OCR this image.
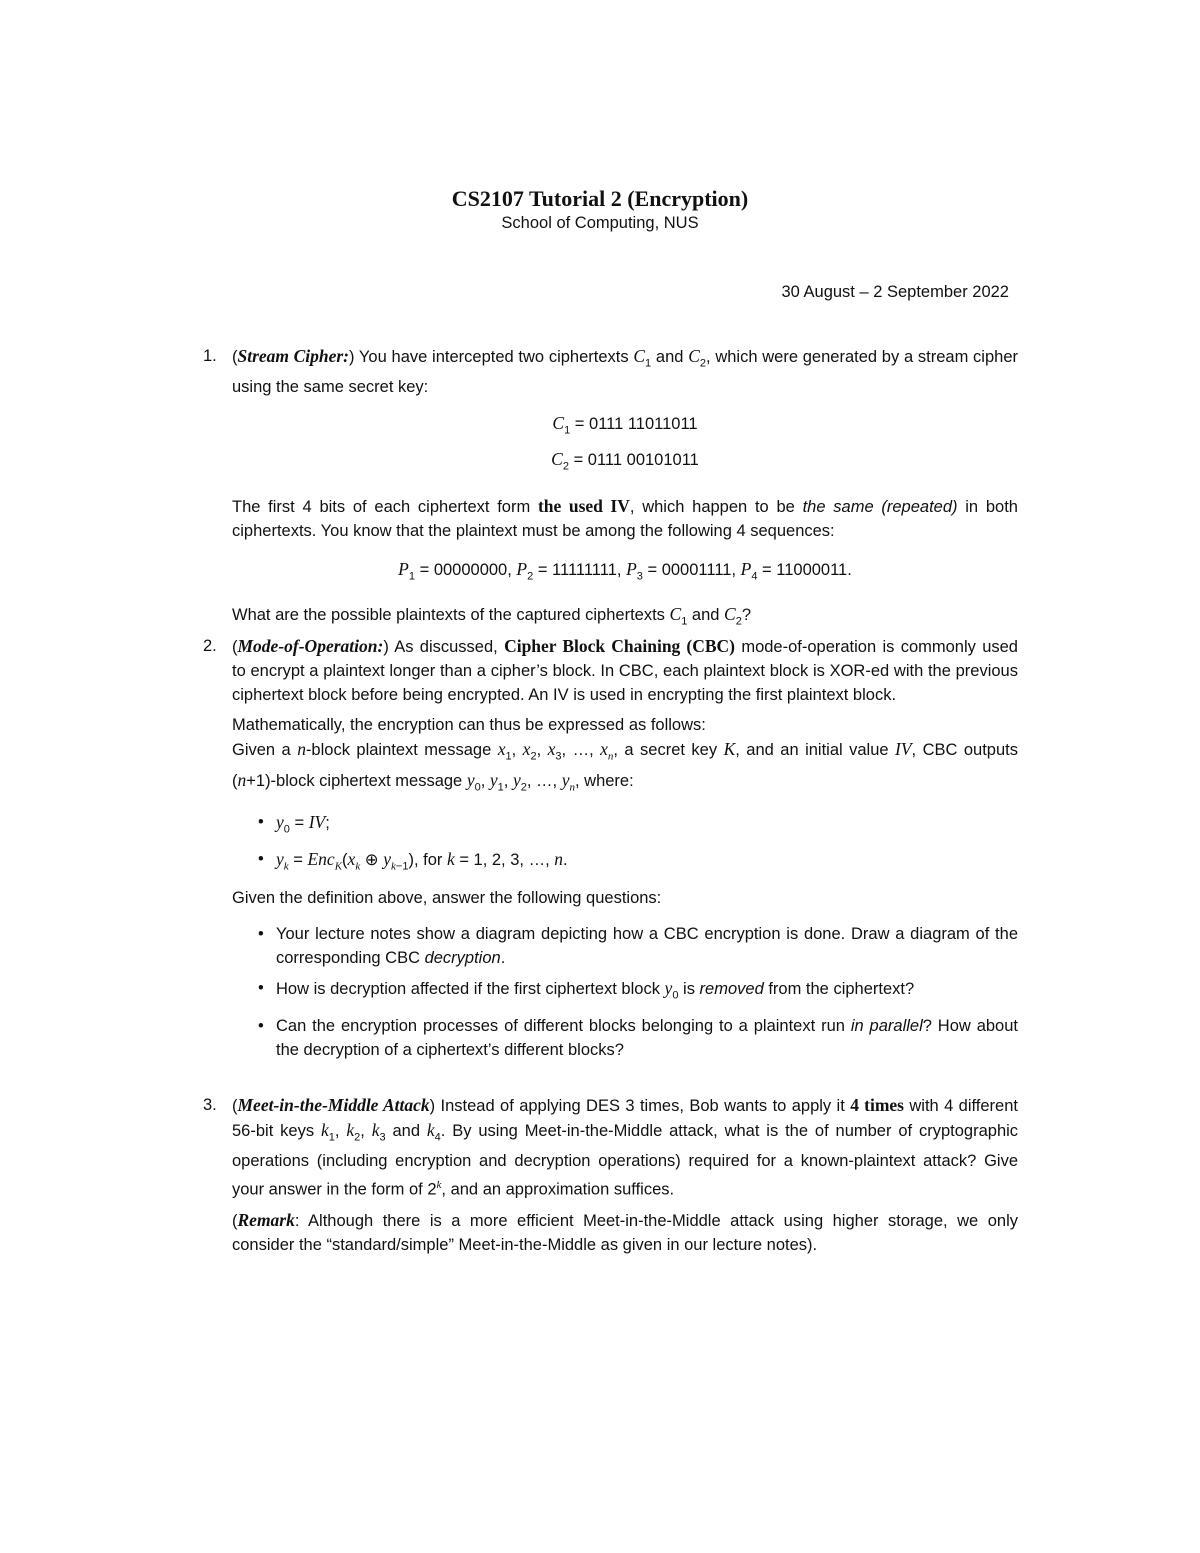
CS2107 Tutorial 2 (Encryption)
School of Computing, NUS
30 August – 2 September 2022
1. (Stream Cipher:) You have intercepted two ciphertexts $C_1$ and $C_2$, which were generated by a stream cipher using the same secret key:

$C_1 = 0111$ 11011011
$C_2 = 0111$ 00101011

The first 4 bits of each ciphertext form the used IV, which happen to be the same (repeated) in both ciphertexts. You know that the plaintext must be among the following 4 sequences:

$P_1 = 00000000$, $P_2 = 11111111$, $P_3 = 00001111$, $P_4 = 11000011$.

What are the possible plaintexts of the captured ciphertexts $C_1$ and $C_2$?

2. (Mode-of-Operation:) As discussed, Cipher Block Chaining (CBC) mode-of-operation is commonly used to encrypt a plaintext longer than a cipher’s block. In CBC, each plaintext block is XOR-ed with the previous ciphertext block before being encrypted. An IV is used in encrypting the first plaintext block.

Mathematically, the encryption can thus be expressed as follows:

Given a n-block plaintext message $x_1$, $x_2$, $x_3$, …, $x_n$, a secret key K, and an initial value IV, CBC outputs (n+1)-block ciphertext message $y_0$, $y_1$, $y_2$, …, $y_n$, where:

• $y_0$ = IV;
• $y_k = Enc_K(x_k$ ⊕ $y_{k-1}$), for k = 1, 2, 3, …, n.

Given the definition above, answer the following questions:

• Your lecture notes show a diagram depicting how a CBC encryption is done. Draw a diagram of the corresponding CBC decryption.
• How is decryption affected if the first ciphertext block $y_0$ is removed from the ciphertext?
• Can the encryption processes of different blocks belonging to a plaintext run in parallel? How about the decryption of a ciphertext’s different blocks?
3. (Meet-in-the-Middle Attack) Instead of applying DES 3 times, Bob wants to apply it 4 times with 4 different 56-bit keys $k_1$, $k_2$, $k_3$ and $k_4$. By using Meet-in-the-Middle attack, what is the of number of cryptographic operations (including encryption and decryption operations) required for a known-plaintext attack? Give your answer in the form of 2$^k$, and an approximation suffices.

(Remark: Although there is a more efficient Meet-in-the-Middle attack using higher storage, we only consider the “standard/simple” Meet-in-the-Middle as given in our lecture notes).
